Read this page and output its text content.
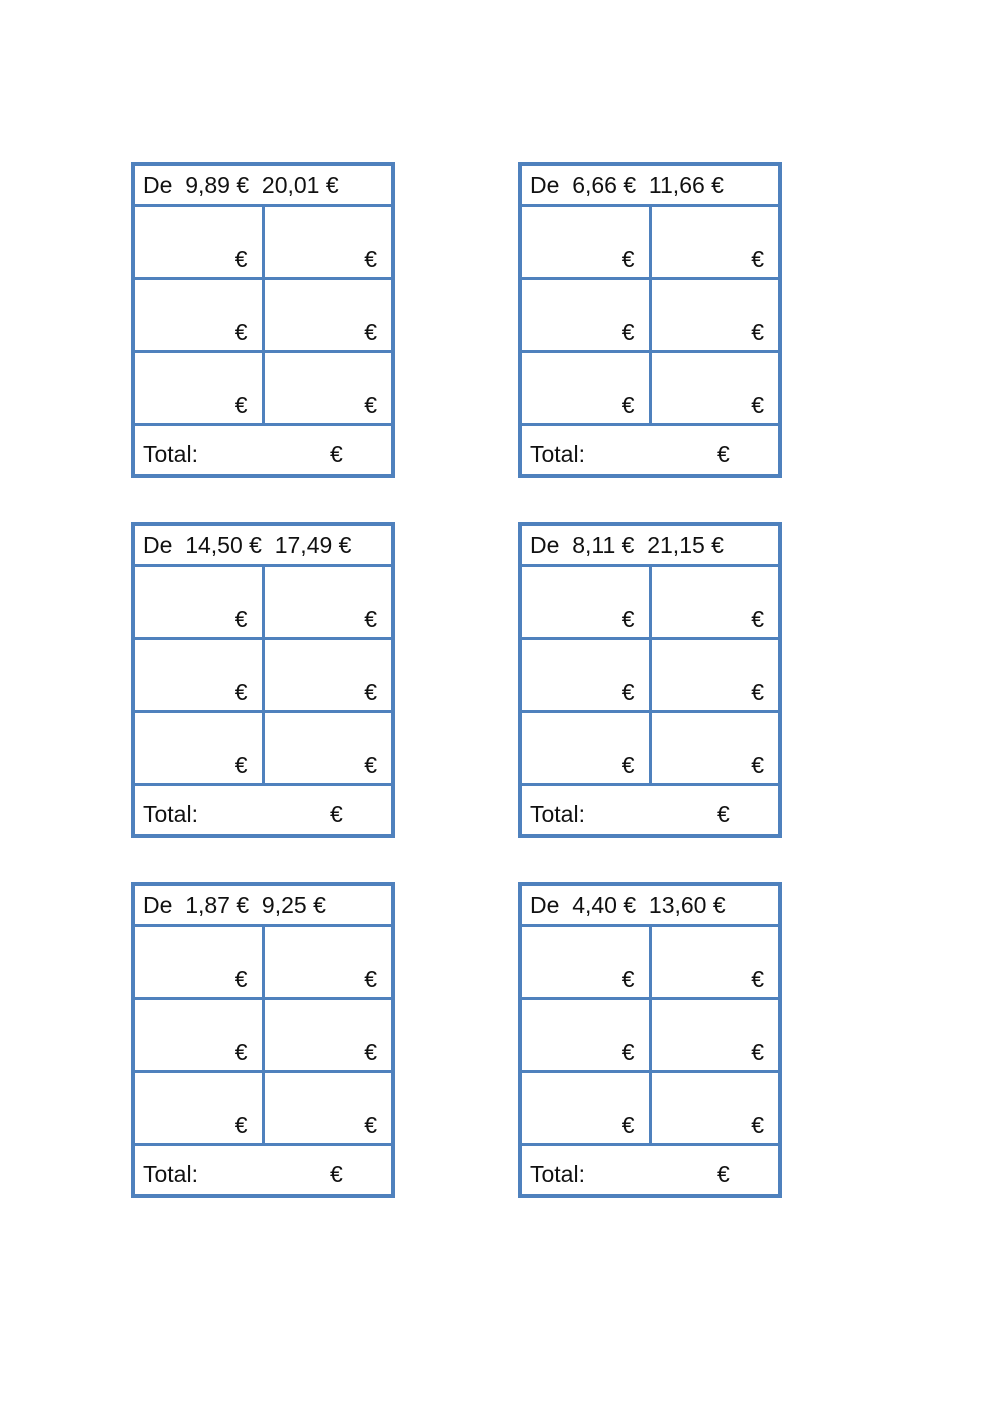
De 9,89 € 20,01 €
€	€
€	€
€	€
Total:	€
De 6,66 € 11,66 €
€	€
€	€
€	€
Total:	€
De 14,50 € 17,49 €
€	€
€	€
€	€
Total:	€
De 8,11 € 21,15 €
€	€
€	€
€	€
Total:	€
De 1,87 € 9,25 €
€	€
€	€
€	€
Total:	€
De 4,40 € 13,60 €
€	€
€	€
€	€
Total:	€
